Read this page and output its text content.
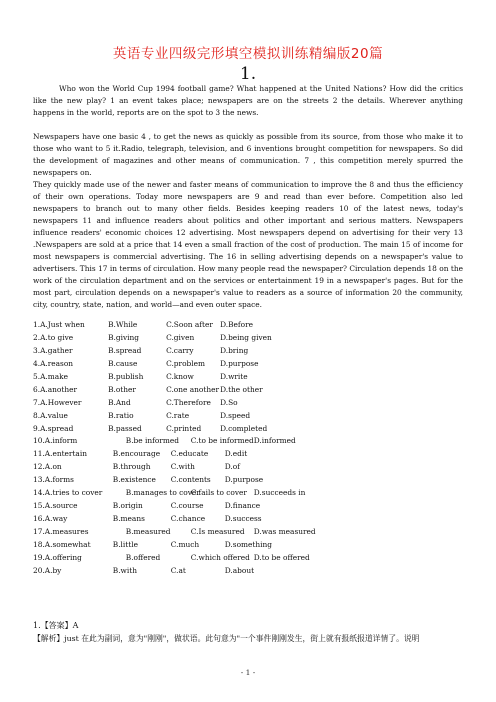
英语专业四级完形填空模拟训练精编版20篇
1.

Who won the World Cup 1994 football game? What happened at the United Nations? How did the critics like the new play? 1 an event takes place; newspapers are on the streets 2 the details. Wherever anything happens in the world, reports are on the spot to 3 the news.

Newspapers have one basic 4 , to get the news as quickly as possible from its source, from those who make it to those who want to 5 it.Radio, telegraph, television, and 6 inventions brought competition for newspapers. So did the development of magazines and other means of communication. 7 , this competition merely spurred the newspapers on.

They quickly made use of the newer and faster means of communication to improve the 8 and thus the efficiency of their own operations. Today more newspapers are 9 and read than ever before. Competition also led newspapers to branch out to many other fields. Besides keeping readers 10 of the latest news, today's newspapers 11 and influence readers about politics and other important and serious matters. Newspapers influence readers' economic choices 12 advertising. Most newspapers depend on advertising for their very 13 .Newspapers are sold at a price that 14 even a small fraction of the cost of production. The main 15 of income for most newspapers is commercial advertising. The 16 in selling advertising depends on a newspaper's value to advertisers. This 17 in terms of circulation. How many people read the newspaper? Circulation depends 18 on the work of the circulation department and on the services or entertainment 19 in a newspaper's pages. But for the most part, circulation depends on a newspaper's value to readers as a source of information 20 the community, city, country, state, nation, and world—and even outer space.

1.A.Just when	B.While	C.Soon after D.Before
2.A.to give	B.giving	C.given	D.being given
3.A.gather	B.spread	C.carry	D.bring
4.A.reason	B.cause	C.problem D.purpose
5.A.make	B.publish	C.know	D.write
6.A.another	B.other	C.one anotherD.the other
7.A.However	B.And	C.Therefore D.So
8.A.value	B.ratio	C.rate	D.speed
9.A.spread	B.passed	C.printed	D.completed
10.A.inform	B.be informed C.to be informedD.informed
11.A.entertain	B.encourage C.educate D.edit
12.A.on	B.through	C.with	D.of
13.A.forms	B.existence C.contents D.purpose
14.A.tries to cover	B.manages to coverC.fails to cover D.succeeds in
15.A.source	B.origin	C.course	D.finance
16.A.way	B.means	C.chance	D.success
17.A.measures	B.measured	C.Is measured D.was measured
18.A.somewhat	B.little	C.much	D.something
19.A.offering	B.offered	C.which offered D.to be offered
20.A.by	B.with	C.at	D.about
1.【答案】A
【解析】just 在此为副词，意为"刚刚"，做状语。此句意为"一个事件刚刚发生，街上就有报纸报道详情了。说明
- 1 -
